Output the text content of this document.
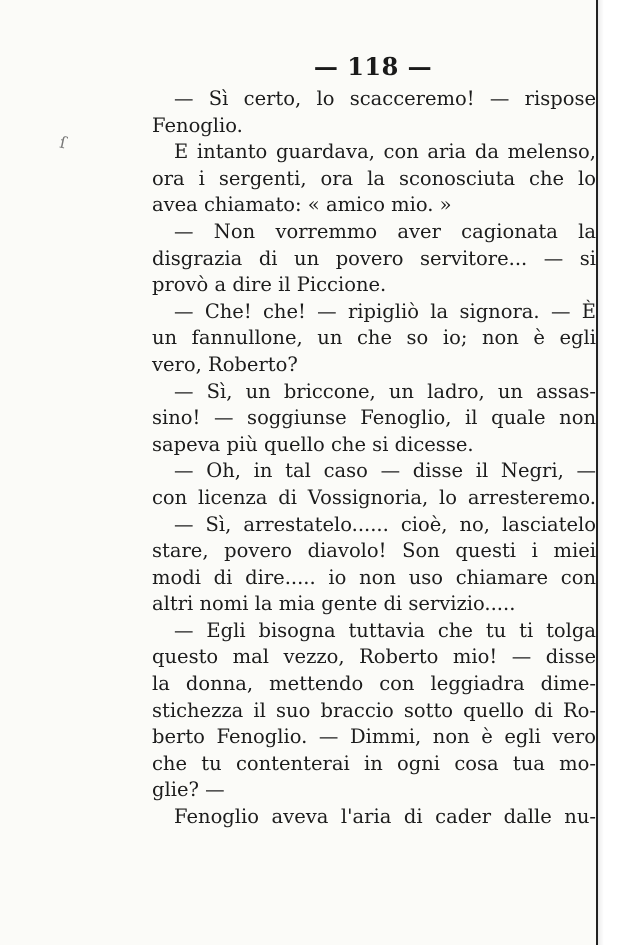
ſ
— 118 —
— Sì certo, lo scacceremo! — rispose
Fenoglio.
E intanto guardava, con aria da melenso,
ora i sergenti, ora la sconosciuta che lo
avea chiamato: « amico mio. »
— Non vorremmo aver cagionata la
disgrazia di un povero servitore... — si
provò a dire il Piccione.
— Che! che! — ripigliò la signora. — È
un fannullone, un che so io; non è egli
vero, Roberto?
— Sì, un briccone, un ladro, un assas-
sino! — soggiunse Fenoglio, il quale non
sapeva più quello che si dicesse.
— Oh, in tal caso — disse il Negri, —
con licenza di Vossignoria, lo arresteremo.
— Sì, arrestatelo...... cioè, no, lasciatelo
stare, povero diavolo! Son questi i miei
modi di dire..... io non uso chiamare con
altri nomi la mia gente di servizio.....
— Egli bisogna tuttavia che tu ti tolga
questo mal vezzo, Roberto mio! — disse
la donna, mettendo con leggiadra dime-
stichezza il suo braccio sotto quello di Ro-
berto Fenoglio. — Dimmi, non è egli vero
che tu contenterai in ogni cosa tua mo-
glie? —
Fenoglio aveva l'aria di cader dalle nu-
